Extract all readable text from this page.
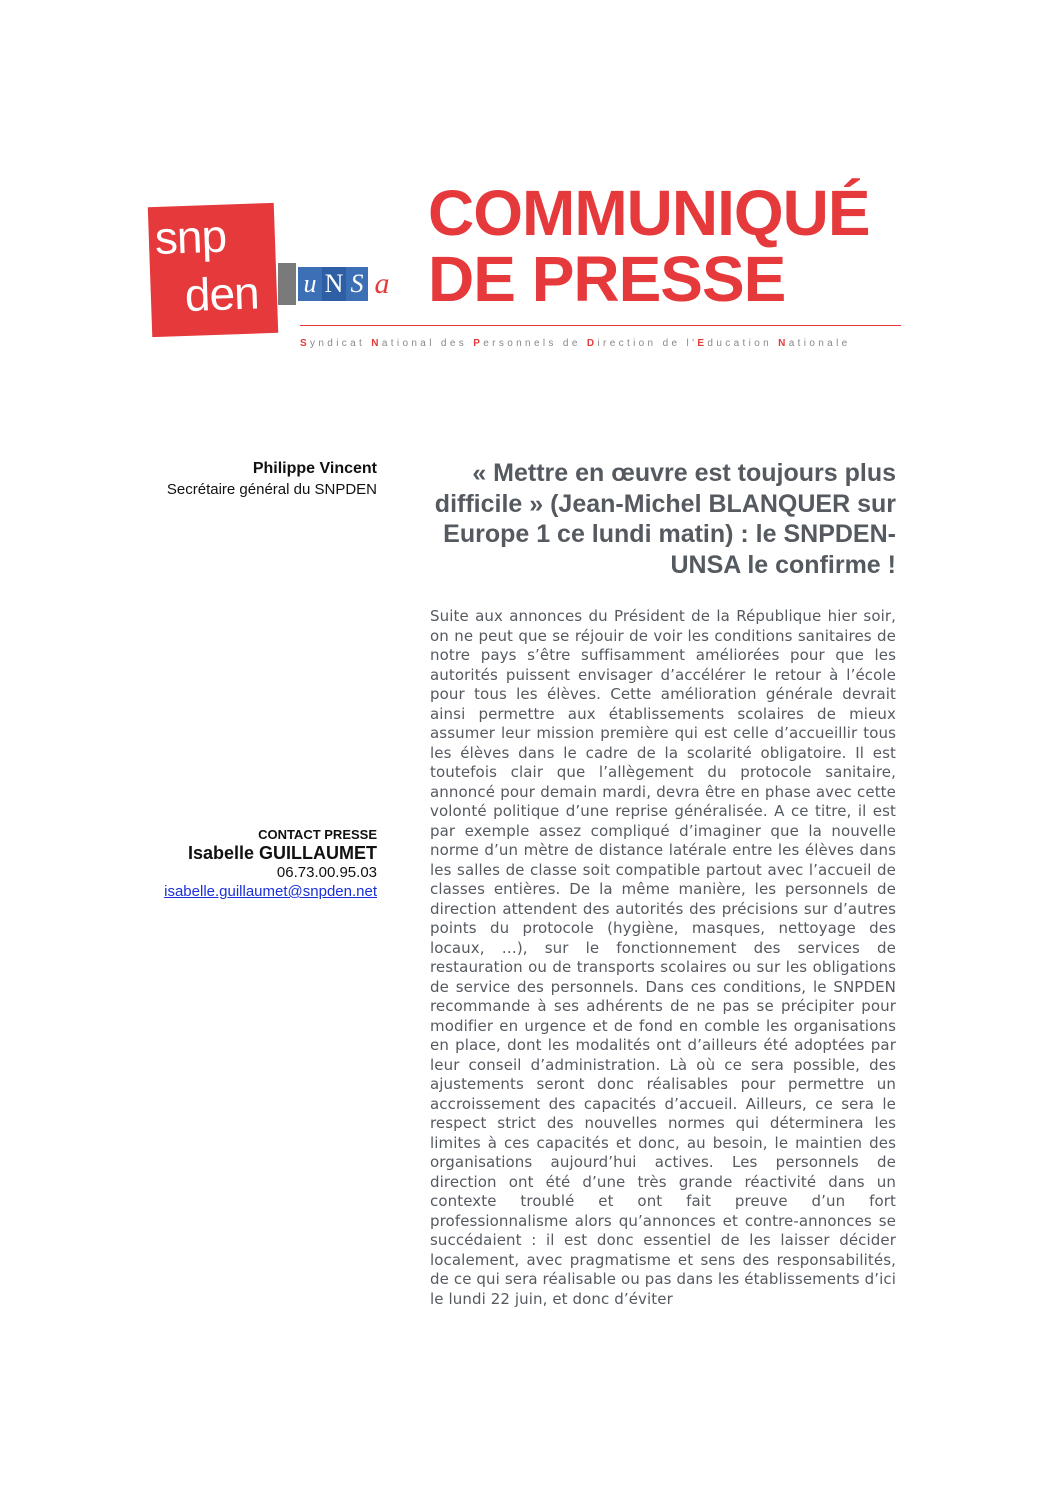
snp
den u N S a
COMMUNIQUÉ
DE PRESSE
Syndicat National des Personnels de Direction de l'Education Nationale
Philippe Vincent
Secrétaire général du SNPDEN
CONTACT PRESSE
Isabelle GUILLAUMET
06.73.00.95.03
isabelle.guillaumet@snpden.net
« Mettre en œuvre est toujours plus difficile » (Jean-Michel BLANQUER sur Europe 1 ce lundi matin) : le SNPDEN-UNSA le confirme !
Suite aux annonces du Président de la République hier soir, on ne peut que se réjouir de voir les conditions sanitaires de notre pays s’être suffisamment améliorées pour que les autorités puissent envisager d’accélérer le retour à l’école pour tous les élèves. Cette amélioration générale devrait ainsi permettre aux établissements scolaires de mieux assumer leur mission première qui est celle d’accueillir tous les élèves dans le cadre de la scolarité obligatoire. Il est toutefois clair que l’allègement du protocole sanitaire, annoncé pour demain mardi, devra être en phase avec cette volonté politique d’une reprise généralisée. A ce titre, il est par exemple assez compliqué d’imaginer que la nouvelle norme d’un mètre de distance latérale entre les élèves dans les salles de classe soit compatible partout avec l’accueil de classes entières. De la même manière, les personnels de direction attendent des autorités des précisions sur d’autres points du protocole (hygiène, masques, nettoyage des locaux, …), sur le fonctionnement des services de restauration ou de transports scolaires ou sur les obligations de service des personnels. Dans ces conditions, le SNPDEN recommande à ses adhérents de ne pas se précipiter pour modifier en urgence et de fond en comble les organisations en place, dont les modalités ont d’ailleurs été adoptées par leur conseil d’administration. Là où ce sera possible, des ajustements seront donc réalisables pour permettre un accroissement des capacités d’accueil. Ailleurs, ce sera le respect strict des nouvelles normes qui déterminera les limites à ces capacités et donc, au besoin, le maintien des organisations aujourd’hui actives. Les personnels de direction ont été d’une très grande réactivité dans un contexte troublé et ont fait preuve d’un fort professionnalisme alors qu’annonces et contre-annonces se succédaient : il est donc essentiel de les laisser décider localement, avec pragmatisme et sens des responsabilités, de ce qui sera réalisable ou pas dans les établissements d’ici le lundi 22 juin, et donc d’éviter
